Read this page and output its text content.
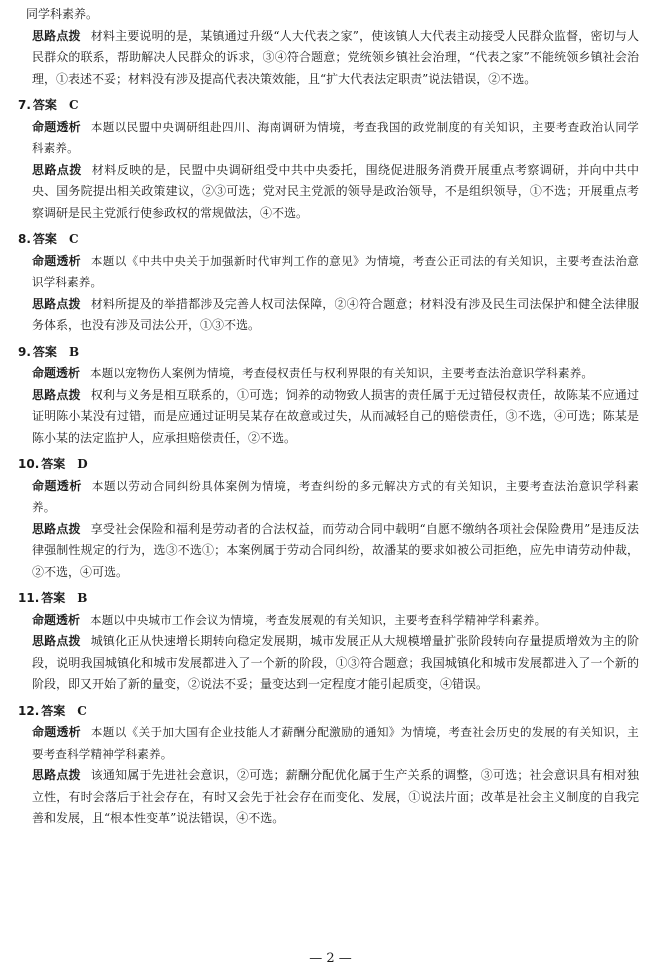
同学科素养。

思路点拨 材料主要说明的是，某镇通过升级“人大代表之家”，使该镇人大代表主动接受人民群众监督，密切与人民群众的联系，帮助解决人民群众的诉求，③④符合题意；党统领乡镇社会治理，“代表之家”不能统领乡镇社会治理，①表述不妥；材料没有涉及提高代表决策效能，且“扩大代表法定职责”说法错误，②不选。

7. 答案 C

命题透析 本题以民盟中央调研组赴四川、海南调研为情境，考查我国的政党制度的有关知识，主要考查政治认同学科素养。

思路点拨 材料反映的是，民盟中央调研组受中共中央委托，围绕促进服务消费开展重点考察调研，并向中共中央、国务院提出相关政策建议，②③可选；党对民主党派的领导是政治领导，不是组织领导，①不选；开展重点考察调研是民主党派行使参政权的常规做法，④不选。

8. 答案 C

命题透析 本题以《中共中央关于加强新时代审判工作的意见》为情境，考查公正司法的有关知识，主要考查法治意识学科素养。

思路点拨 材料所提及的举措都涉及完善人权司法保障，②④符合题意；材料没有涉及民生司法保护和健全法律服务体系，也没有涉及司法公开，①③不选。

9. 答案 B

命题透析 本题以宠物伤人案例为情境，考查侵权责任与权利界限的有关知识，主要考查法治意识学科素养。

思路点拨 权利与义务是相互联系的，①可选；饲养的动物致人损害的责任属于无过错侵权责任，故陈某不应通过证明陈小某没有过错，而是应通过证明吴某存在故意或过失，从而减轻自己的赔偿责任，③不选，④可选；陈某是陈小某的法定监护人，应承担赔偿责任，②不选。

10. 答案 D

命题透析 本题以劳动合同纠纷具体案例为情境，考查纠纷的多元解决方式的有关知识，主要考查法治意识学科素养。

思路点拨 享受社会保险和福利是劳动者的合法权益，而劳动合同中载明“自愿不缴纳各项社会保险费用”是违反法律强制性规定的行为，选③不选①；本案例属于劳动合同纠纷，故潘某的要求如被公司拒绝，应先申请劳动仲裁，②不选，④可选。

11. 答案 B

命题透析 本题以中央城市工作会议为情境，考查发展观的有关知识，主要考查科学精神学科素养。

思路点拨 城镇化正从快速增长期转向稳定发展期，城市发展正从大规模增量扩张阶段转向存量提质增效为主的阶段，说明我国城镇化和城市发展都进入了一个新的阶段，①③符合题意；我国城镇化和城市发展都进入了一个新的阶段，即又开始了新的量变，②说法不妥；量变达到一定程度才能引起质变，④错误。

12. 答案 C

命题透析 本题以《关于加大国有企业技能人才薪酬分配激励的通知》为情境，考查社会历史的发展的有关知识，主要考查科学精神学科素养。

思路点拨 该通知属于先进社会意识，②可选；薪酬分配优化属于生产关系的调整，③可选；社会意识具有相对独立性，有时会落后于社会存在，有时又会先于社会存在而变化、发展，①说法片面；改革是社会主义制度的自我完善和发展，且“根本性变革”说法错误，④不选。

— 2 —
